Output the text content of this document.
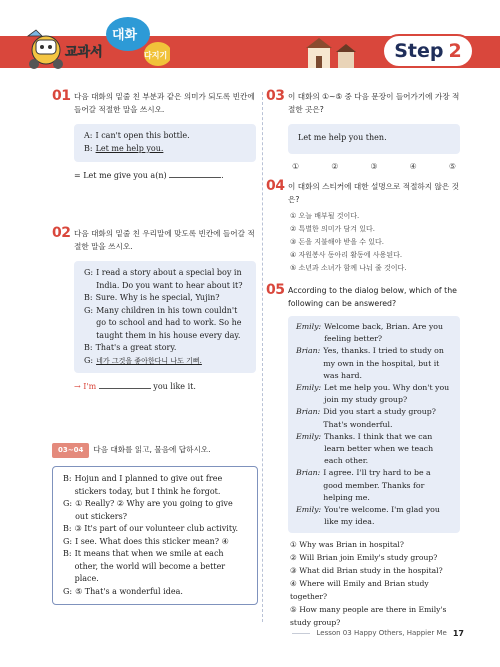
교과서
대화
다지기	Step 2
01 다음 대화의 밑줄 친 부분과 같은 의미가 되도록 빈칸에 들어갈 적절한 말을 쓰시오.
A: I can't open this bottle.
B: Let me help you.
= Let me give you a(n)	.
02 다음 대화의 밑줄 친 우리말에 맞도록 빈칸에 들어갈 적절한 말을 쓰시오.
G: I read a story about a special boy in India. Do you want to hear about it?
B: Sure. Why is he special, Yujin?
G: Many children in his town couldn't go to school and had to work. So he taught them in his house every day.
B: That's a great story.
G: 네가 그것을 좋아한다니 나도 기뻐.
→ I'm	you like it.
03~04 다음 대화를 읽고, 물음에 답하시오.
B: Hojun and I planned to give out free stickers today, but I think he forgot.
G: ① Really? ② Why are you going to give out stickers?
B: ③ It's part of our volunteer club activity.
G: I see. What does this sticker mean? ④
B: It means that when we smile at each other, the world will become a better place.
G: ⑤ That's a wonderful idea.
03 이 대화의 ①~⑤ 중 다음 문장이 들어가기에 가장 적절한 곳은?
Let me help you then.
①	②	③	④	⑤
04 이 대화의 스티커에 대한 설명으로 적절하지 않은 것은?
① 오늘 배부될 것이다.
② 특별한 의미가 담겨 있다.
③ 돈을 지불해야 받을 수 있다.
④ 자원봉사 동아리 활동에 사용된다.
⑤ 소년과 소녀가 함께 나눠 줄 것이다.
05 According to the dialog below, which of the following can be answered?
Emily: Welcome back, Brian. Are you feeling better?
Brian: Yes, thanks. I tried to study on my own in the hospital, but it was hard.
Emily: Let me help you. Why don't you join my study group?
Brian: Did you start a study group? That's wonderful.
Emily: Thanks. I think that we can learn better when we teach each other.
Brian: I agree. I'll try hard to be a good member. Thanks for helping me.
Emily: You're welcome. I'm glad you like my idea.
① Why was Brian in hospital?
② Will Brian join Emily's study group?
③ What did Brian study in the hospital?
④ Where will Emily and Brian study together?
⑤ How many people are there in Emily's study group?
Lesson 03 Happy Others, Happier Me 17
